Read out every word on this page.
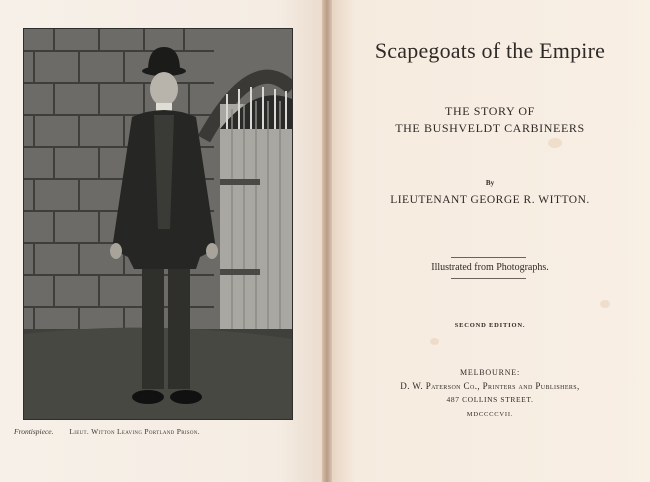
Frontispiece. Lieut. Witton Leaving Portland Prison.
Scapegoats of the Empire
THE STORY OF
THE BUSHVELDT CARBINEERS
By
LIEUTENANT GEORGE R. WITTON.
Illustrated from Photographs.
SECOND EDITION.
MELBOURNE:
D. W. Paterson Co., Printers and Publishers,
487 COLLINS STREET.
MDCCCCVII.
